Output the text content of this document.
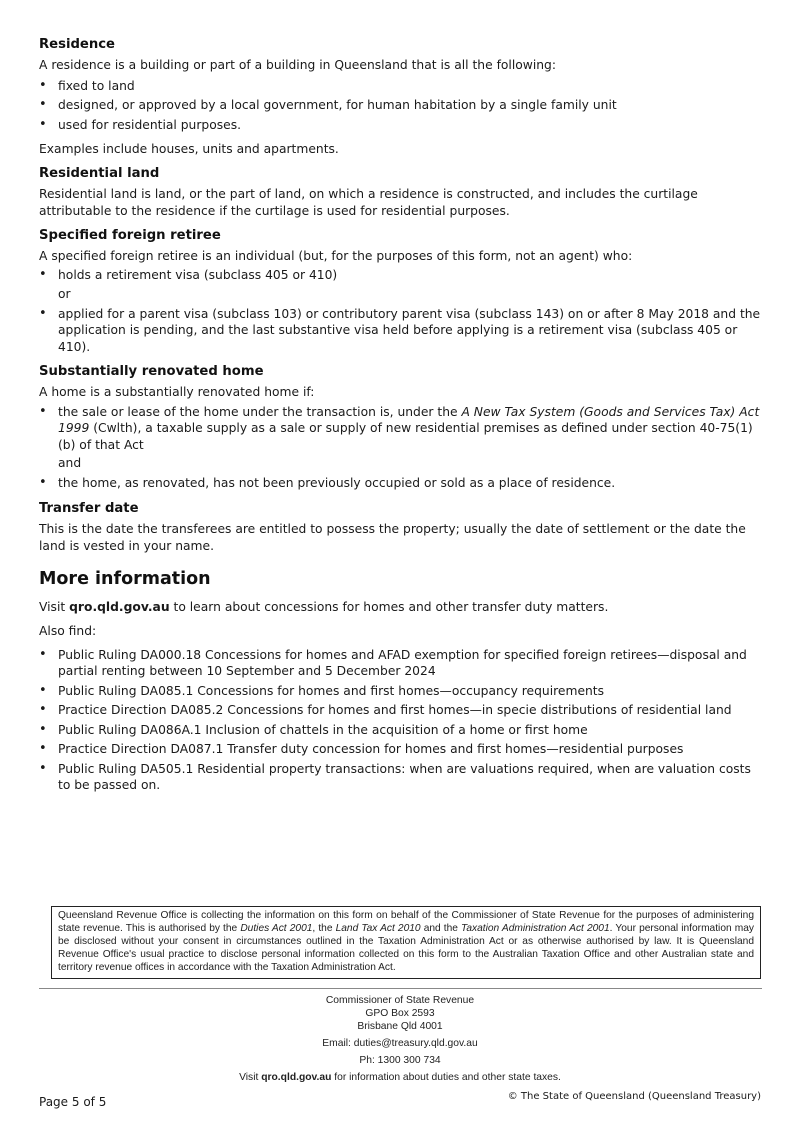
Residence

A residence is a building or part of a building in Queensland that is all the following:

• fixed to land
• designed, or approved by a local government, for human habitation by a single family unit
• used for residential purposes.

Examples include houses, units and apartments.

Residential land

Residential land is land, or the part of land, on which a residence is constructed, and includes the curtilage attributable to the residence if the curtilage is used for residential purposes.

Specified foreign retiree

A specified foreign retiree is an individual (but, for the purposes of this form, not an agent) who:

• holds a retirement visa (subclass 405 or 410)
or
• applied for a parent visa (subclass 103) or contributory parent visa (subclass 143) on or after 8 May 2018 and the application is pending, and the last substantive visa held before applying is a retirement visa (subclass 405 or 410).
Substantially renovated home

A home is a substantially renovated home if:

• the sale or lease of the home under the transaction is, under the A New Tax System (Goods and Services Tax) Act 1999 (Cwlth), a taxable supply as a sale or supply of new residential premises as defined under section 40-75(1)(b) of that Act
and
• the home, as renovated, has not been previously occupied or sold as a place of residence.
Transfer date

This is the date the transferees are entitled to possess the property; usually the date of settlement or the date the land is vested in your name.

More information

Visit qro.qld.gov.au to learn about concessions for homes and other transfer duty matters.

Also find:

• Public Ruling DA000.18 Concessions for homes and AFAD exemption for specified foreign retirees—disposal and partial renting between 10 September and 5 December 2024
• Public Ruling DA085.1 Concessions for homes and first homes—occupancy requirements
• Practice Direction DA085.2 Concessions for homes and first homes—in specie distributions of residential land
• Public Ruling DA086A.1 Inclusion of chattels in the acquisition of a home or first home
• Practice Direction DA087.1 Transfer duty concession for homes and first homes—residential purposes
• Public Ruling DA505.1 Residential property transactions: when are valuations required, when are valuation costs to be passed on.
Queensland Revenue Office is collecting the information on this form on behalf of the Commissioner of State Revenue for the purposes of administering state revenue. This is authorised by the Duties Act 2001, the Land Tax Act 2010 and the Taxation Administration Act 2001. Your personal information may be disclosed without your consent in circumstances outlined in the Taxation Administration Act or as otherwise authorised by law. It is Queensland Revenue Office's usual practice to disclose personal information collected on this form to the Australian Taxation Office and other Australian state and territory revenue offices in accordance with the Taxation Administration Act.
Commissioner of State Revenue
GPO Box 2593
Brisbane Qld 4001
Email: duties@treasury.qld.gov.au
Ph: 1300 300 734
Visit qro.qld.gov.au for information about duties and other state taxes.
Page 5 of 5	© The State of Queensland (Queensland Treasury)
